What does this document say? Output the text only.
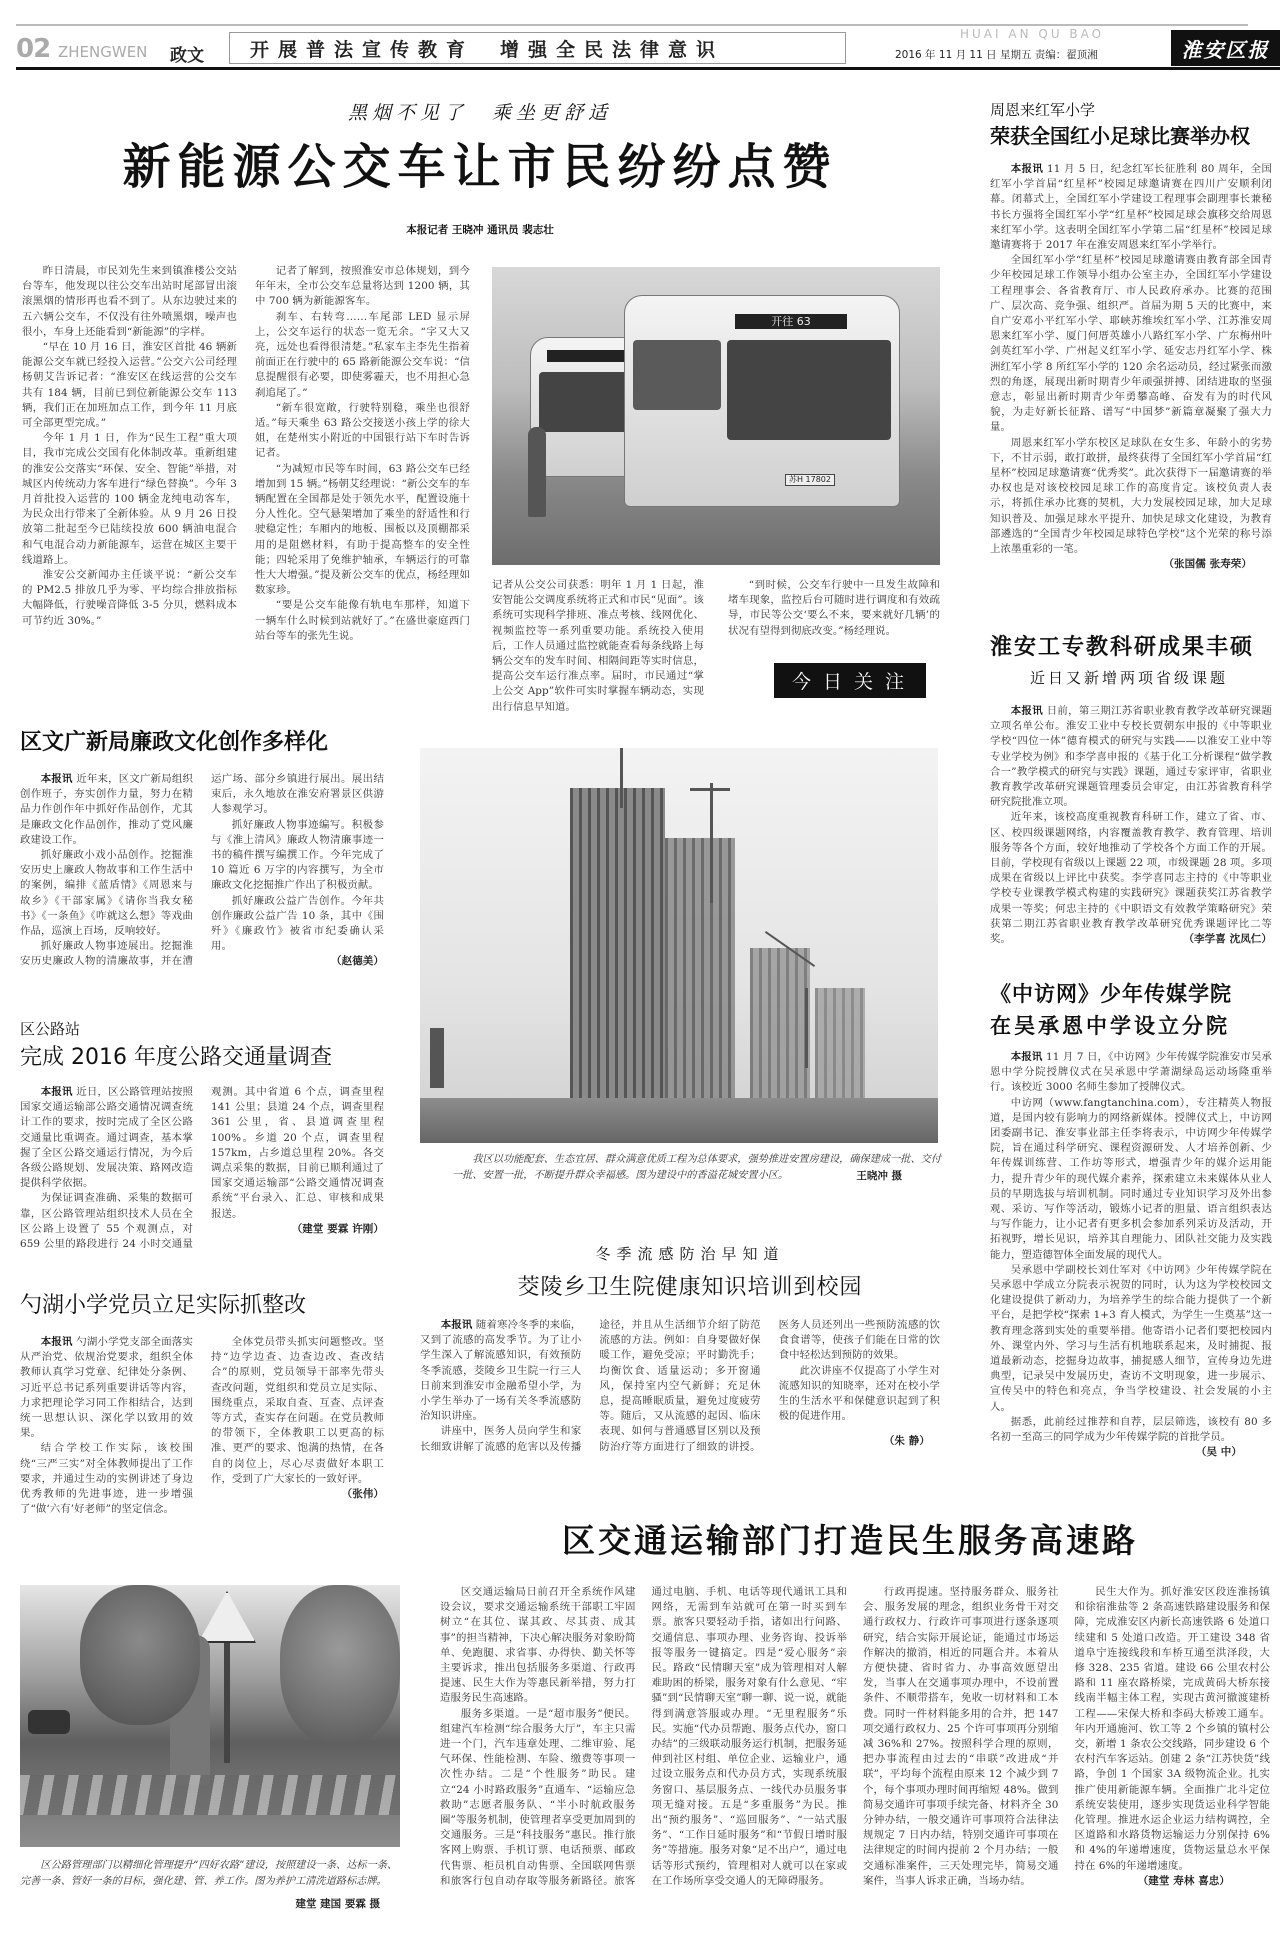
02 ZHENGWEN 政文 开展普法宣传教育 增强全民法律意识
HUAI AN QU BAO
2016 年 11 月 11 日 星期五 责编：翟顶湘	淮安区报
黑烟不见了　乘坐更舒适
新能源公交车让市民纷纷点赞
本报记者 王晓冲 通讯员 裴志壮

昨日清晨，市民刘先生来到镇淮楼公交站台等车，他发现以往公交车出站时尾部冒出滚滚黑烟的情形再也看不到了。从东边驶过来的五六辆公交车，不仅没有往外喷黑烟，噪声也很小，车身上还能看到“新能源”的字样。

“早在 10 月 16 日，淮安区首批 46 辆新能源公交车就已经投入运营。”公交六公司经理杨朝艾告诉记者：“淮安区在线运营的公交车共有 184 辆，目前已到位新能源公交车 113 辆，我们正在加班加点工作，到今年 11 月底可全部更型完成。”

今年 1 月 1 日，作为“民生工程”重大项目，我市完成公交国有化体制改革。重新组建的淮安公交落实“环保、安全、智能”举措，对城区内传统动力客车进行“绿色替换”。今年 3 月首批投入运营的 100 辆金龙纯电动客车，为民众出行带来了全新体验。从 9 月 26 日投放第二批起至今已陆续投放 600 辆油电混合和气电混合动力新能源车，运营在城区主要干线道路上。

淮安公交新闻办主任谈平说：“新公交车的 PM2.5 排放几乎为零、平均综合排放指标大幅降低，行驶噪音降低 3-5 分贝，燃料成本可节约近 30%。”

记者了解到，按照淮安市总体规划，到今年年末，全市公交车总量将达到 1200 辆，其中 700 辆为新能源客车。

刹车、右转弯……车尾部 LED 显示屏上，公交车运行的状态一览无余。“字又大又亮，远处也看得很清楚。”私家车主李先生指着前面正在行驶中的 65 路新能源公交车说：“信息提醒很有必要，即使雾霾天，也不用担心急刹追尾了。”

“新车很宽敞，行驶特别稳，乘坐也很舒适。”每天乘坐 63 路公交接送小孩上学的徐大姐，在楚州实小附近的中国银行站下车时告诉记者。

“为减短市民等车时间，63 路公交车已经增加到 15 辆。”杨朝艾经理说：“新公交车的车辆配置在全国都是处于领先水平，配置设施十分人性化。空气悬架增加了乘坐的舒适性和行驶稳定性；车厢内的地板、围板以及顶棚都采用的是阻燃材料，有助于提高整车的安全性能；四轮采用了免维护轴承，车辆运行的可靠性大大增强。”提及新公交车的优点，杨经理如数家珍。

“要是公交车能像有轨电车那样，知道下一辆车什么时候到站就好了。”在盛世豪庭西门站台等车的张先生说。

开往 63
苏H 17802

记者从公交公司获悉：明年 1 月 1 日起，淮安智能公交调度系统将正式和市民“见面”。该系统可实现科学排班、准点考核、线网优化、视频监控等一系列重要功能。系统投入使用后，工作人员通过监控就能查看每条线路上每辆公交车的发车时间、相隔间距等实时信息，提高公交车运行准点率。届时，市民通过“掌上公交 App”软件可实时掌握车辆动态，实现出行信息早知道。

“到时候，公交车行驶中一旦发生故障和堵车现象，监控后台可随时进行调度和有效疏导，市民等公交‘要么不来，要来就好几辆’的状况有望得到彻底改变。”杨经理说。

今日关注
周恩来红军小学
荣获全国红小足球比赛举办权

本报讯 11 月 5 日，纪念红军长征胜利 80 周年，全国红军小学首届“红星杯”校园足球邀请赛在四川广安顺利闭幕。闭幕式上，全国红军小学建设工程理事会副理事长兼秘书长方强将全国红军小学“红星杯”校园足球会旗移交给周恩来红军小学。这表明全国红军小学第二届“红星杯”校园足球邀请赛将于 2017 年在淮安周恩来红军小学举行。

全国红军小学“红星杯”校园足球邀请赛由教育部全国青少年校园足球工作领导小组办公室主办，全国红军小学建设工程理事会、各省教育厅、市人民政府承办。比赛的范围广、层次高、竞争强、组织严。首届为期 5 天的比赛中，来自广安邓小平红军小学、耶峡苏维埃红军小学、江苏淮安周恩来红军小学、厦门何厝英雄小八路红军小学、广东梅州叶剑英红军小学、广州起义红军小学、延安志丹红军小学、株洲红军小学 8 所红军小学的 120 余名运动员，经过紧张而激烈的角逐，展现出新时期青少年顽强拼搏、团结进取的坚强意志，彰显出新时期青少年勇攀高峰、奋发有为的时代风貌，为走好新长征路、谱写“中国梦”新篇章凝聚了强大力量。

周恩来红军小学东校区足球队在女生多、年龄小的劣势下，不甘示弱，敢打敢拼，最终获得了全国红军小学首届“红星杯”校园足球邀请赛“优秀奖”。此次获得下一届邀请赛的举办权也是对该校校园足球工作的高度肯定。该校负责人表示，将抓住承办比赛的契机，大力发展校园足球，加大足球知识普及、加强足球水平提升、加快足球文化建设，为教育部遴选的“全国青少年校园足球特色学校”这个光荣的称号添上浓墨重彩的一笔。

（张国儒 张寿荣）
淮安工专教科研成果丰硕
近日又新增两项省级课题

本报讯 日前，第三期江苏省职业教育教学改革研究课题立项名单公布。淮安工业中专校长贾朝东申报的《中等职业学校“四位一体”德育模式的研究与实践——以淮安工业中等专业学校为例》和李学喜申报的《基于化工分析课程“做学教合一”教学模式的研究与实践》课题，通过专家评审，省职业教育教学改革研究课题管理委员会审定，由江苏省教育科学研究院批准立项。

近年来，该校高度重视教育科研工作，建立了省、市、区、校四级课题网络，内容覆盖教育教学、教育管理、培训服务等各个方面，较好地推动了学校各个方面工作的开展。目前，学校现有省级以上课题 22 项，市级课题 28 项。多项成果在省级以上评比中获奖。李学喜同志主持的《中等职业学校专业课教学模式构建的实践研究》课题获奖江苏省教学成果一等奖；何忠主持的《中职语文有效教学策略研究》荣获第二期江苏省职业教育教学改革研究优秀课题评比二等奖。	（李学喜 沈凤仁）
《中访网》少年传媒学院
在吴承恩中学设立分院

本报讯 11 月 7 日，《中访网》少年传媒学院淮安市吴承恩中学分院授牌仪式在吴承恩中学萧湖绿岛运动场隆重举行。该校近 3000 名师生参加了授牌仪式。

中访网（www.fangtanchina.com），专注精英人物报道，是国内较有影响力的网络新媒体。授牌仪式上，中访网团委副书记、淮安事业部主任李将表示，中访网少年传媒学院，旨在通过科学研究、课程资源研发、人才培养创新、少年传媒训练营、工作坊等形式，增强青少年的媒介运用能力，提升青少年的现代媒介素养，探索建立未来媒体从业人员的早期选拔与培训机制。同时通过专业知识学习及外出参观、采访、写作等活动，锻炼小记者的胆量、语言组织表达与写作能力，让小记者有更多机会参加系列采访及活动，开拓视野，增长见识，培养其自理能力、团队社交能力及实践能力，塑造德智体全面发展的现代人。

吴承恩中学副校长刘仕军对《中访网》少年传媒学院在吴承恩中学成立分院表示祝贺的同时，认为这为学校校园文化建设提供了新动力，为培养学生的综合能力提供了一个新平台，是把学校“探索 1+3 育人模式，为学生一生奠基”这一教育理念落到实处的重要举措。他寄语小记者们要把校园内外、课堂内外、学习与生活有机地联系起来，及时捕捉、报道最新动态，挖掘身边故事，捕捉感人细节，宣传身边先进典型，记录吴中发展历史，查访不文明现象，进一步展示、宣传吴中的特色和亮点，争当学校建设、社会发展的小主人。

据悉，此前经过推荐和自荐，层层筛选，该校有 80 多名初一至高三的同学成为少年传媒学院的首批学员。

（吴 中）
区文广新局廉政文化创作多样化

本报讯 近年来，区文广新局组织创作班子，夯实创作力量，努力在精品力作创作年中抓好作品创作，尤其是廉政文化作品创作，推动了党风廉政建设工作。

抓好廉政小戏小品创作。挖掘淮安历史上廉政人物故事和工作生活中的案例，编排《蓝盾情》《周恩来与故乡》《干部家属》《请你当我女秘书》《一条鱼》《咋就这么想》等戏曲作品，巡演上百场，反响较好。

抓好廉政人物事迹展出。挖掘淮安历史廉政人物的清廉故事，并在漕运广场、部分乡镇进行展出。展出结束后，永久地放在淮安府署景区供游人参观学习。

抓好廉政人物事迹编写。积极参与《淮上清风》廉政人物清廉事迹一书的稿件撰写编撰工作。今年完成了 10 篇近 6 万字的内容撰写，为全市廉政文化挖掘推广作出了积极贡献。

抓好廉政公益广告创作。今年共创作廉政公益广告 10 条，其中《围歼》《廉政竹》被省市纪委确认采用。

（赵德美）
区公路站
完成 2016 年度公路交通量调查

本报讯 近日，区公路管理站按照国家交通运输部公路交通情况调查统计工作的要求，按时完成了全区公路交通量比重调查。通过调查，基本掌握了全区公路交通运行情况，为今后各级公路规划、发展决策、路网改造提供科学依据。

为保证调查准确、采集的数据可靠，区公路管理站组织技术人员在全区公路上设置了 55 个观测点，对 659 公里的路段进行 24 小时交通量观测。其中省道 6 个点，调查里程 141 公里；县道 24 个点，调查里程 361 公里，省、县道调查里程 100%。乡道 20 个点，调查里程 157km，占乡道总里程 20%。各交调点采集的数据，目前已顺利通过了国家交通运输部“公路交通情况调查系统”平台录入、汇总、审核和成果报送。

（建堂 要霖 许刚）
勺湖小学党员立足实际抓整改

本报讯 勺湖小学党支部全面落实从严治党、依规治党要求，组织全体教师认真学习党章、纪律处分条例、习近平总书记系列重要讲话等内容，力求把理论学习同工作相结合，达到统一思想认识、深化学以致用的效果。

结合学校工作实际，该校围绕“三严三实”对全体教师提出了工作要求，并通过生动的实例讲述了身边优秀教师的先进事迹，进一步增强了“做‘六有’好老师”的坚定信念。

全体党员带头抓实问题整改。坚持“边学边查、边查边改、查改结合”的原则，党员领导干部率先带头查改问题，党组织和党员立足实际、围绕重点，采取自查、互查、点评查等方式，查实存在问题。在党员教师的带领下，全体教职工以更高的标准、更严的要求、饱满的热情，在各自的岗位上，尽心尽责做好本职工作，受到了广大家长的一致好评。

（张伟）
我区以功能配套、生态宜居、群众满意优质工程为总体要求，强势推进安置房建设，确保建成一批、交付一批、安置一批，不断提升群众幸福感。图为建设中的香溢花城安置小区。	王晓冲 摄
冬季流感防治早知道
茭陵乡卫生院健康知识培训到校园

本报讯 随着寒冷冬季的来临，又到了流感的高发季节。为了让小学生深入了解流感知识，有效预防冬季流感，茭陵乡卫生院一行三人日前来到淮安市金融希望小学，为小学生举办了一场有关冬季流感防治知识讲座。

讲座中，医务人员向学生和家长细致讲解了流感的危害以及传播途径，并且从生活细节介绍了防范流感的方法。例如：自身要做好保暖工作，避免受凉；平时勤洗手；均衡饮食、适量运动；多开窗通风，保持室内空气新鲜；充足休息，提高睡眠质量，避免过度疲劳等。随后，又从流感的起因、临床表现、如何与普通感冒区别以及预防治疗等方面进行了细致的讲授。医务人员还列出一些预防流感的饮食食谱等，使孩子们能在日常的饮食中轻松达到预防的效果。

此次讲座不仅提高了小学生对流感知识的知晓率，还对在校小学生的生活水平和保健意识起到了积极的促进作用。

（朱 静）
区交通运输部门打造民生服务高速路

区交通运输局日前召开全系统作风建设会议，要求交通运输系统干部职工牢固树立“在其位、谋其政、尽其责、成其事”的担当精神，下决心解决服务对象盼简单、免跑腿、求省事、办得快、勤关怀等主要诉求，推出包括服务多渠道、行政再提速、民生大作为等惠民新举措，努力打造服务民生高速路。

服务多渠道。一是“超市服务”便民。组建汽车检测“综合服务大厅”，车主只需进一个门，汽车违章处理、二维审验、尾气环保、性能检测、车险、缴费等事项一次性办结。二是“个性服务”助民。建立“24 小时路政服务”直通车、“运输应急救助”志愿者服务队、“半小时航政服务圈”等服务机制，使管理者享受更加周到的交通服务。三是“科技服务”惠民。推行旅客网上购票、手机订票、电话预票、邮政代售票、柜员机自动售票、全国联网售票和旅客行包自动存取等服务新路径。旅客通过电脑、手机、电话等现代通讯工具和网络，无需到车站就可在第一时买到车票。旅客只要轻动手指，诸如出行问路、交通信息、事项办理、业务咨询、投诉举报等服务一键搞定。四是“爱心服务”亲民。路政“民情聊天室”成为管理相对人解难助困的桥梁，服务对象有什么意见、“牢骚”到“民情聊天室”聊一聊、说一说，就能得到满意答服或办理。“无里程服务”乐民。实施“代办员帮跑、服务点代办，窗口办结”的三级联动服务运行机制，把服务延伸到社区村组、单位企业、运输业户，通过设立服务点和代办员方式，实现系统服务窗口、基层服务点、一线代办员服务事项无缝对接。五是“多重服务”为民。推出“预约服务”、“巡回服务”、“一站式服务”、“工作日延时服务”和“节假日增时服务”等措施。服务对象“足不出户”，通过电话等形式预约，管理相对人就可以在家或在工作场所享受交通人的无障碍服务。

行政再提速。坚持服务群众、服务社会、服务发展的理念，组织业务骨干对交通行政权力、行政许可事项进行逐条逐项研究，结合实际开展论证，能通过市场运作解决的撤消，相近的同题合并。本着从方便快捷、省时省力、办事高效愿望出发，当事人在交通事项办理中，不设前置条件、不顺带搭车，免收一切材料和工本费。同时一件材料能多用的合并，把 147 项交通行政权力、25 个许可事项再分别缩减 36%和 27%。按照科学合理的原则，把办事流程由过去的“串联”改进成“并联”，平均每个流程由原来 12 个减少到 7 个，每个事项办理时间再缩短 48%。做到简易交通许可事项手续完备、材料齐全 30 分钟办结，一般交通许可事项符合法律法规规定 7 日内办结，特别交通许可事项在法律规定的时间内提前 2 个月办结；一般交通标准案件，三天处理完毕，简易交通案件，当事人诉求正确，当场办结。

民生大作为。抓好淮安区段连淮扬镇和徐宿淮盐等 2 条高速铁路建设服务和保障，完成淮安区内新长高速铁路 6 处道口续建和 5 处道口改造。开工建设 348 省道阜宁连接线段和车桥互通至洪泽段，大修 328、235 省道。建设 66 公里农村公路和 11 座农路桥梁，完成黄码大桥东接线南半幅主体工程，实现古黄河撤渡建桥工程——宋保大桥和李码大桥竣工通车。年内开通施河、钦工等 2 个乡镇的镇村公交，新增 1 条农公交线路，同步建设 6 个农村汽车客运站。创建 2 条“江苏快货”线路，争创 1 个国家 3A 级物流企业。扎实推广使用新能源车辆。全面推广北斗定位系统安装使用，逐步实现货运业科学智能化管理。推进水运企业运力结构调控，全区道路和水路货物运输运力分别保持 6%和 4%的年递增速度，货物运量总水平保持在 6%的年递增速度。

（建堂 寿林 喜忠）
区公路管理部门以精细化管理提升“四好农路”建设，按照建设一条、达标一条、完善一条、管好一条的目标，强化建、管、养工作。图为养护工清洗道路标志牌。
建堂 建国 要霖 摄
